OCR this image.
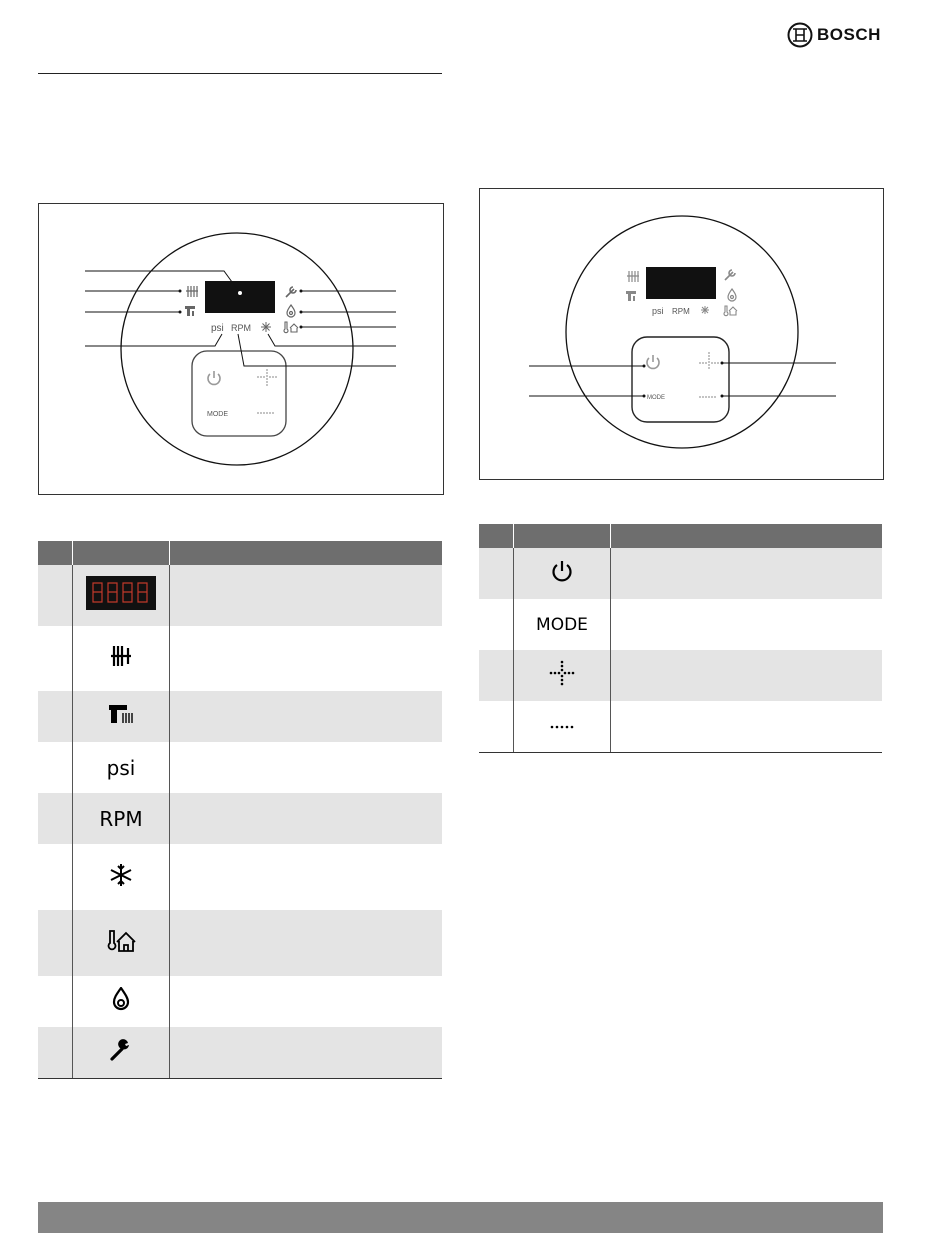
BOSCH
psi RPM
MODE
psi RPM
MODE

	psi	
	RPM	

	MODE	
